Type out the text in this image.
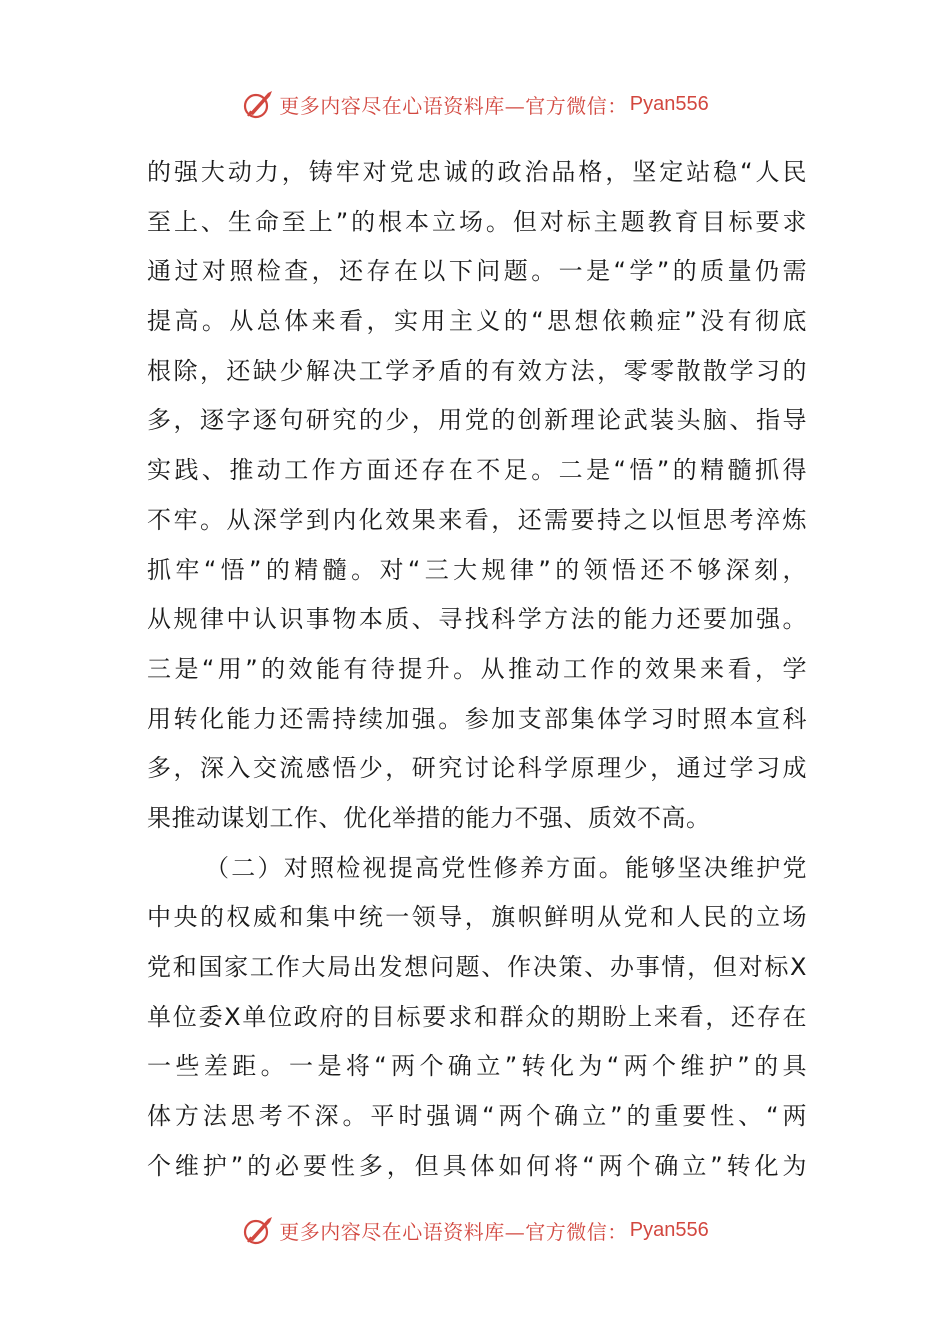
更多内容尽在心语资料库—官方微信： Pyan556
的强大动力，铸牢对党忠诚的政治品格，坚定站稳“人民
至上、生命至上”的根本立场。但对标主题教育目标要求
通过对照检查，还存在以下问题。一是“学”的质量仍需
提高。从总体来看，实用主义的“思想依赖症”没有彻底
根除，还缺少解决工学矛盾的有效方法，零零散散学习的
多，逐字逐句研究的少，用党的创新理论武装头脑、指导
实践、推动工作方面还存在不足。二是“悟”的精髓抓得
不牢。从深学到内化效果来看，还需要持之以恒思考淬炼
抓牢“悟”的精髓。对“三大规律”的领悟还不够深刻，
从规律中认识事物本质、寻找科学方法的能力还要加强。
三是“用”的效能有待提升。从推动工作的效果来看，学
用转化能力还需持续加强。参加支部集体学习时照本宣科
多，深入交流感悟少，研究讨论科学原理少，通过学习成
果推动谋划工作、优化举措的能力不强、质效不高。
（二）对照检视提高党性修养方面。能够坚决维护党
中央的权威和集中统一领导，旗帜鲜明从党和人民的立场
党和国家工作大局出发想问题、作决策、办事情，但对标X
单位委X单位政府的目标要求和群众的期盼上来看，还存在
一些差距。一是将“两个确立”转化为“两个维护”的具
体方法思考不深。平时强调“两个确立”的重要性、“两
个维护”的必要性多，但具体如何将“两个确立”转化为
更多内容尽在心语资料库—官方微信： Pyan556
